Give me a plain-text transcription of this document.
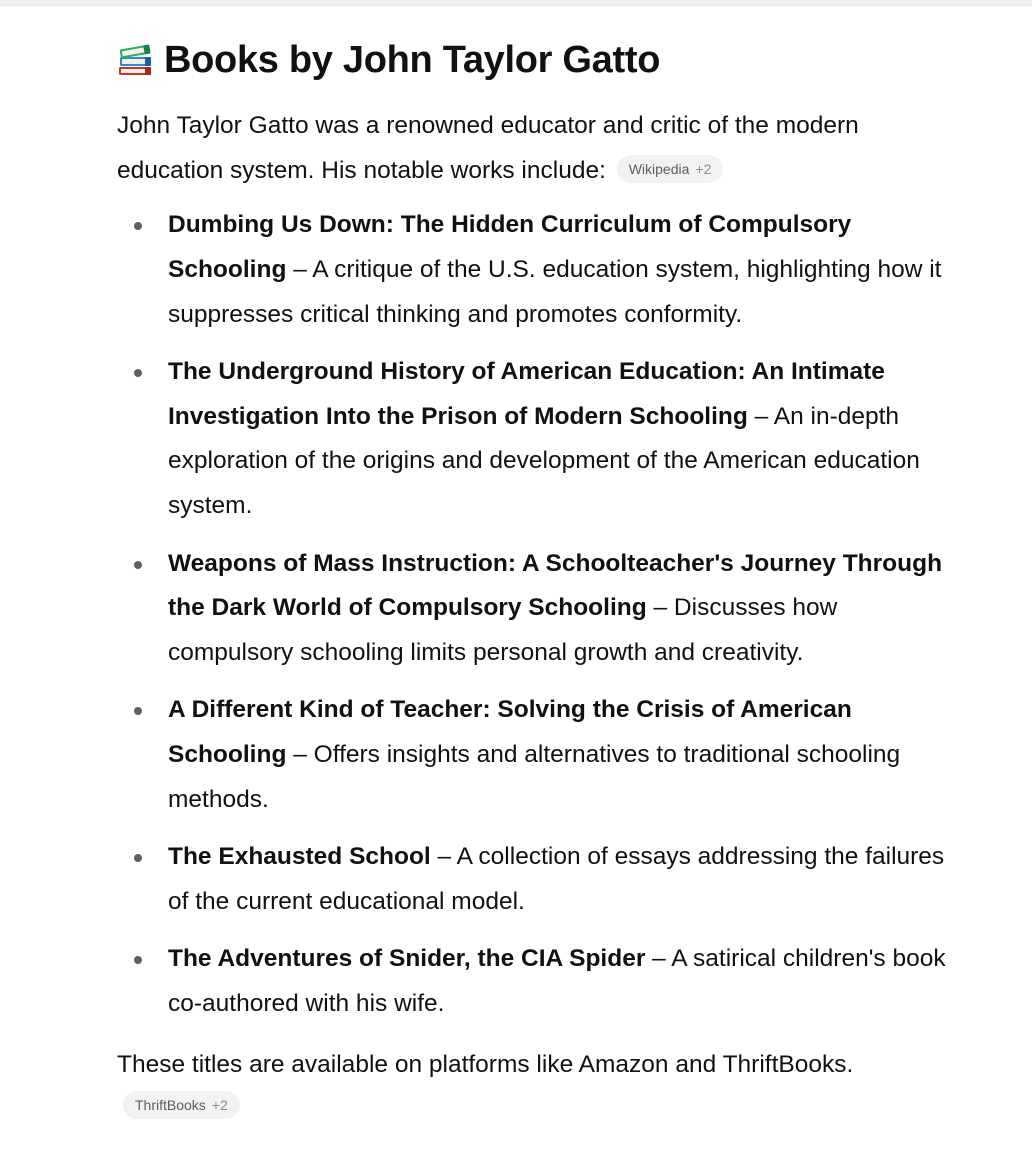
Books by John Taylor Gatto

John Taylor Gatto was a renowned educator and critic of the modern education system. His notable works include: Wikipedia +2

Dumbing Us Down: The Hidden Curriculum of Compulsory Schooling – A critique of the U.S. education system, highlighting how it suppresses critical thinking and promotes conformity.
The Underground History of American Education: An Intimate Investigation Into the Prison of Modern Schooling – An in-depth exploration of the origins and development of the American education system.
Weapons of Mass Instruction: A Schoolteacher's Journey Through the Dark World of Compulsory Schooling – Discusses how compulsory schooling limits personal growth and creativity.
A Different Kind of Teacher: Solving the Crisis of American Schooling – Offers insights and alternatives to traditional schooling methods.
The Exhausted School – A collection of essays addressing the failures of the current educational model.
The Adventures of Snider, the CIA Spider – A satirical children's book co-authored with his wife.

These titles are available on platforms like Amazon and ThriftBooks.

ThriftBooks +2
